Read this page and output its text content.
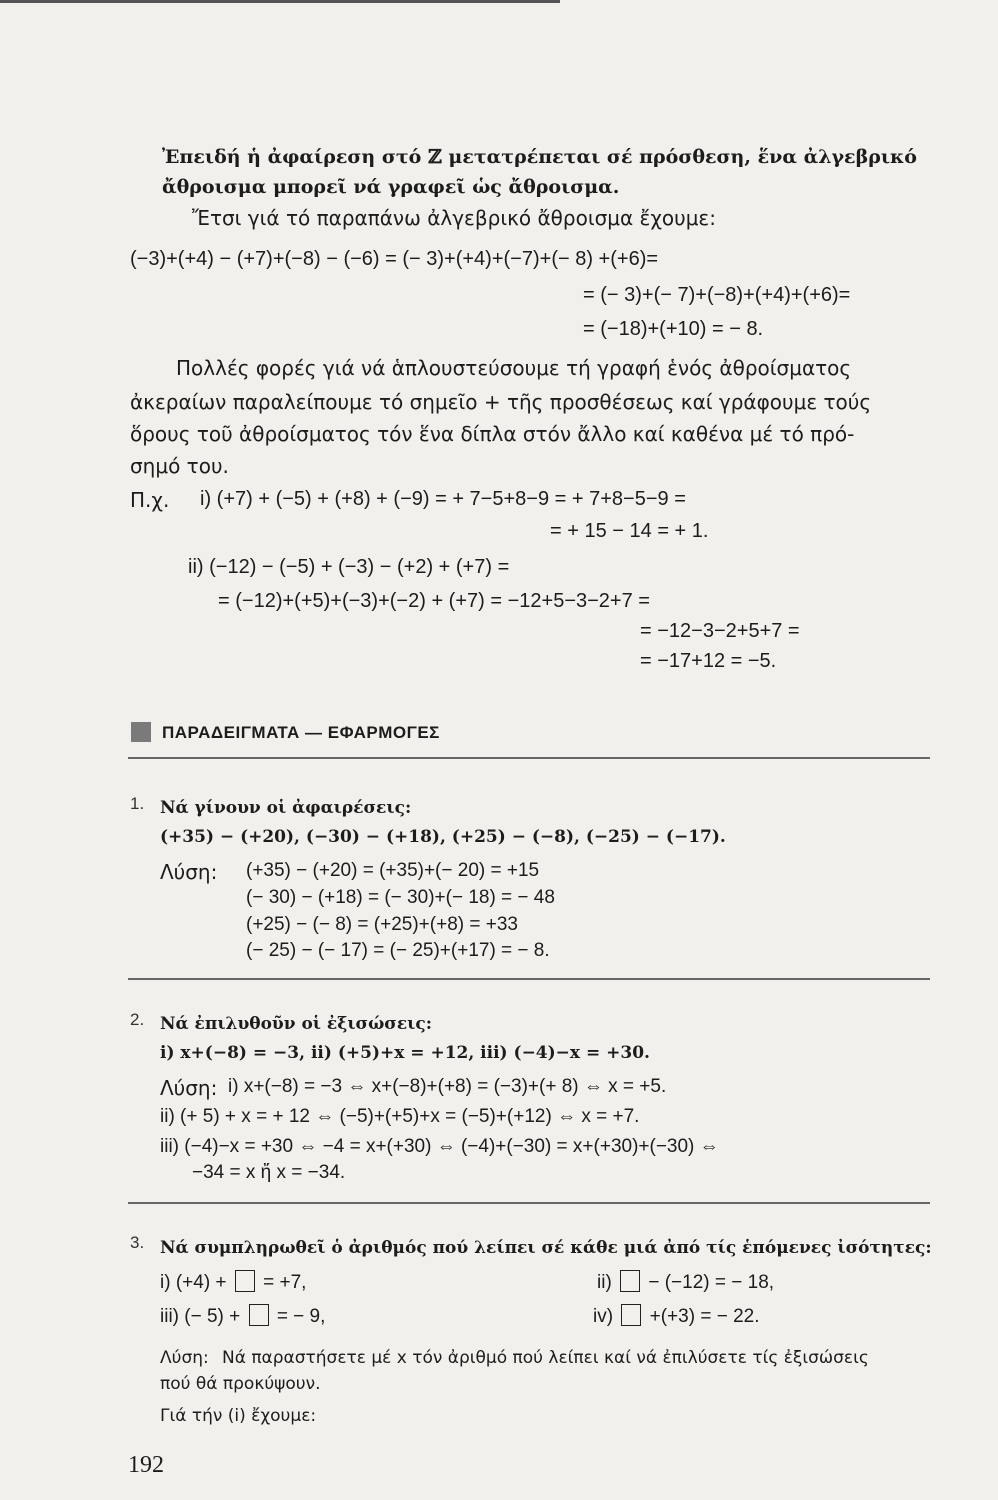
Ἐπειδή ἡ ἀφαίρεση στό ℤ μετατρέπεται σέ πρόσθεση, ἕνα ἀλγεβρικό
ἄθροισμα μπορεῖ νά γραφεῖ ὡς ἄθροισμα.
Ἔτσι γιά τό παραπάνω ἀλγεβρικό ἄθροισμα ἔχουμε:
(−3)+(+4) − (+7)+(−8) − (−6) = (− 3)+(+4)+(−7)+(− 8) +(+6)=
= (− 3)+(− 7)+(−8)+(+4)+(+6)=
= (−18)+(+10) = − 8.
Πολλές φορές γιά νά ἁπλουστεύσουμε τή γραφή ἑνός ἀθροίσματος
ἀκεραίων παραλείπουμε τό σημεῖο + τῆς προσθέσεως καί γράφουμε τούς
ὅρους τοῦ ἀθροίσματος τόν ἕνα δίπλα στόν ἄλλο καί καθένα μέ τό πρό-
σημό του.
Π.χ. i) (+7) + (−5) + (+8) + (−9) = + 7−5+8−9 = + 7+8−5−9 =
= + 15 − 14 = + 1.
ii) (−12) − (−5) + (−3) − (+2) + (+7) =
= (−12)+(+5)+(−3)+(−2) + (+7) = −12+5−3−2+7 =
= −12−3−2+5+7 =
= −17+12 = −5.
ΠΑΡΑΔΕΙΓΜΑΤΑ — ΕΦΑΡΜΟΓΕΣ
1. Νά γίνουν οἱ ἀφαιρέσεις:
(+35) − (+20), (−30) − (+18), (+25) − (−8), (−25) − (−17).
Λύση: (+35) − (+20) = (+35)+(− 20) = +15
(− 30) − (+18) = (− 30)+(− 18) = − 48
(+25) − (− 8) = (+25)+(+8) = +33
(− 25) − (− 17) = (− 25)+(+17) = − 8.
2. Νά ἐπιλυθοῦν οἱ ἐξισώσεις:
i) x+(−8) = −3, ii) (+5)+x = +12, iii) (−4)−x = +30.
Λύση: i) x+(−8) = −3 ⇔ x+(−8)+(+8) = (−3)+(+ 8) ⇔ x = +5.
ii) (+ 5) + x = + 12 ⇔ (−5)+(+5)+x = (−5)+(+12) ⇔ x = +7.
iii) (−4)−x = +30 ⇔ −4 = x+(+30) ⇔ (−4)+(−30) = x+(+30)+(−30) ⇔
−34 = x ἤ x = −34.
3. Νά συμπληρωθεῖ ὁ ἀριθμός πού λείπει σέ κάθε μιά ἀπό τίς ἑπόμενες ἰσότητες:
i) (+4) + = +7,	ii) − (−12) = − 18,
iii) (− 5) + = − 9,	iv) +(+3) = − 22.
Λύση: Νά παραστήσετε μέ x τόν ἀριθμό πού λείπει καί νά ἐπιλύσετε τίς ἐξισώσεις
πού θά προκύψουν.
Γιά τήν (i) ἔχουμε:
192
